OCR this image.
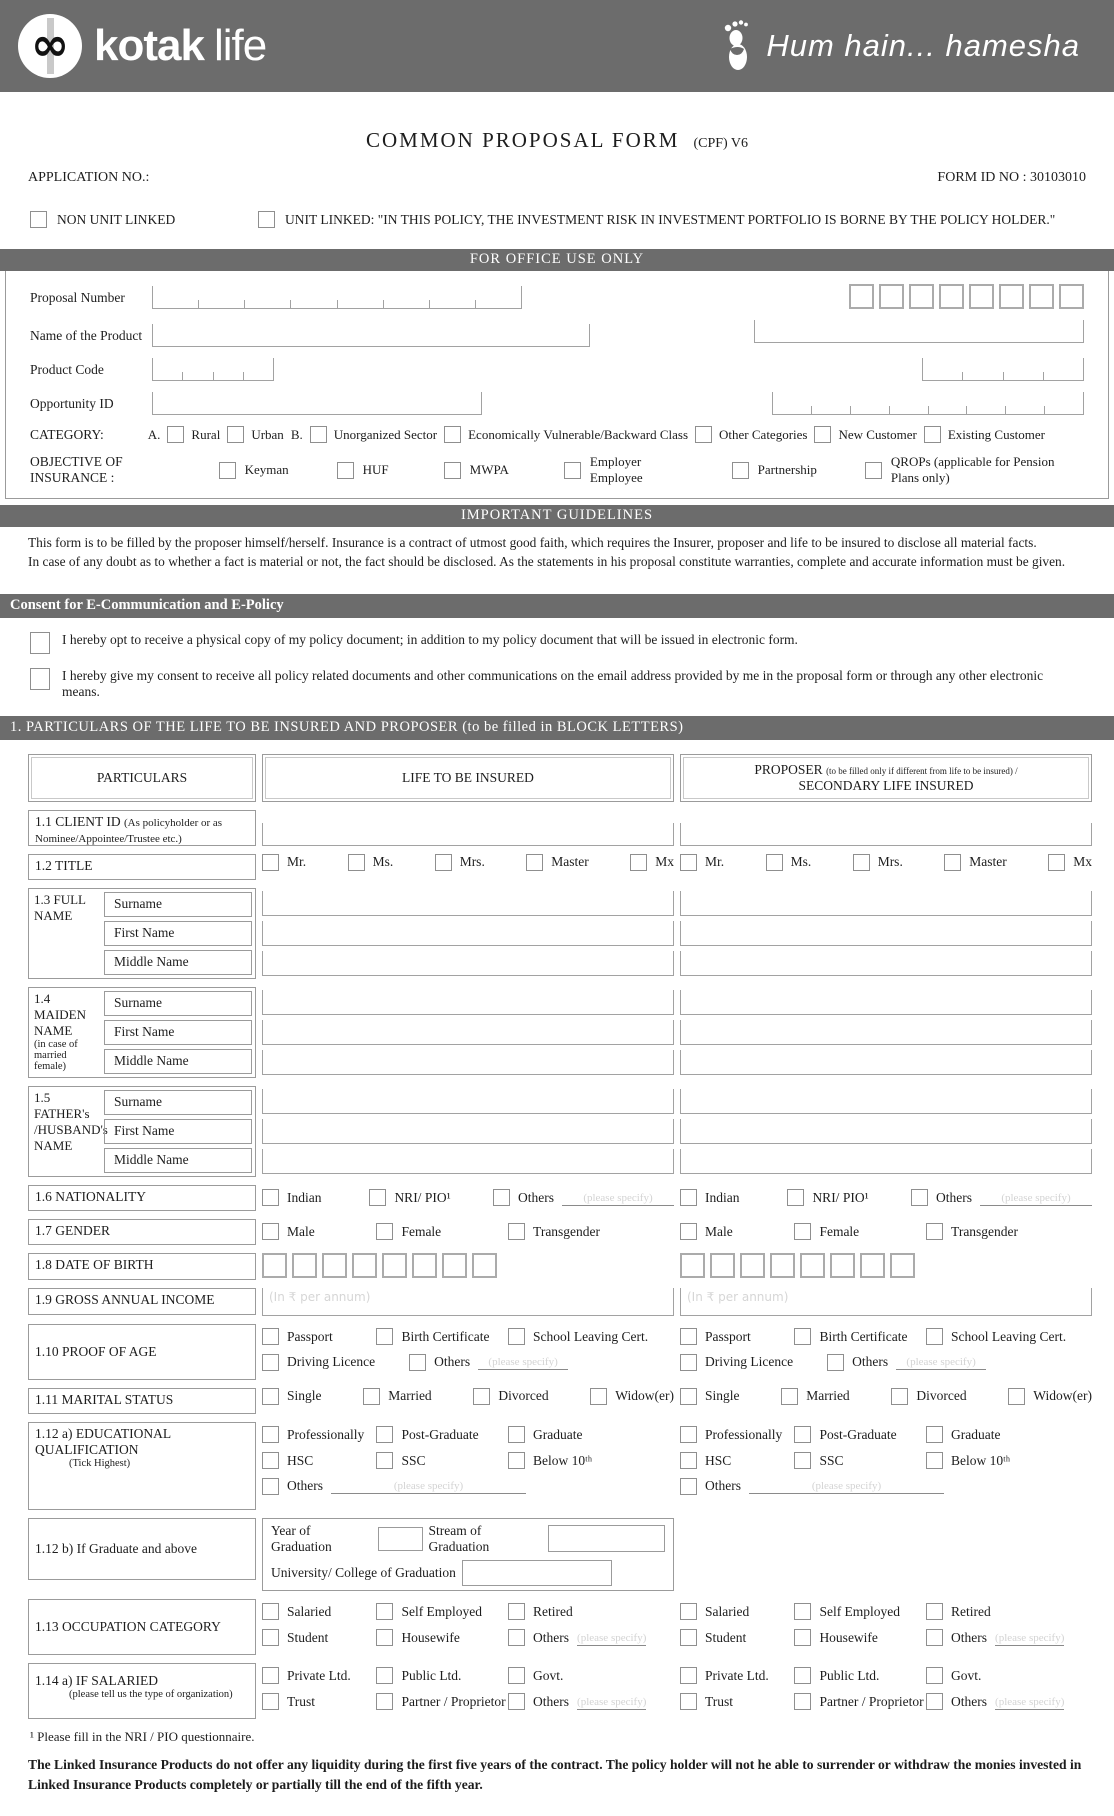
∞ kotak life	Hum hain... hamesha
COMMON PROPOSAL FORM (CPF) V6
APPLICATION NO.:	FORM ID NO : 30103010
NON UNIT LINKED	UNIT LINKED: "IN THIS POLICY, THE INVESTMENT RISK IN INVESTMENT PORTFOLIO IS BORNE BY THE POLICY HOLDER."
FOR OFFICE USE ONLY
Proposal Number
Name of the Product
Product Code
Opportunity ID
CATEGORY:	A. Rural Urban B. Unorganized Sector Economically Vulnerable/Backward Class Other Categories New Customer Existing Customer
OBJECTIVE OF INSURANCE :
Keyman	HUF	MWPA
Employer Employee
Partnership
QROPs (applicable for Pension Plans only)
IMPORTANT GUIDELINES
This form is to be filled by the proposer himself/herself. Insurance is a contract of utmost good faith, which requires the Insurer, proposer and life to be insured to disclose all material facts.
In case of any doubt as to whether a fact is material or not, the fact should be disclosed. As the statements in his proposal constitute warranties, complete and accurate information must be given.
Consent for E-Communication and E-Policy
I hereby opt to receive a physical copy of my policy document; in addition to my policy document that will be issued in electronic form.
I hereby give my consent to receive all policy related documents and other communications on the email address provided by me in the proposal form or through any other electronic means.
1. PARTICULARS OF THE LIFE TO BE INSURED AND PROPOSER (to be filled in BLOCK LETTERS)
PARTICULARS	LIFE TO BE INSURED
PROPOSER (to be filled only if different from life to be insured) /
SECONDARY LIFE INSURED
1.1 CLIENT ID (As policyholder or as Nominee/Appointee/Trustee etc.)
1.2 TITLE	Mr.	Ms.	Mrs.	Master	Mx Mr.	Ms.	Mrs.	Master	Mx
1.3 FULL NAME
Surname
First Name
Middle Name
1.4 MAIDEN NAME
(in case of married female)
Surname
First Name
Middle Name
1.5 FATHER's /HUSBAND's NAME
Surname
First Name
Middle Name
1.6 NATIONALITY	Indian	NRI/ PIO¹	Others	(please specify)	Indian	NRI/ PIO¹	Others	(please specify)
1.7 GENDER	Male	Female	Transgender	Male	Female	Transgender
1.8 DATE OF BIRTH
1.9 GROSS ANNUAL INCOME	(In ₹ per annum)	(In ₹ per annum)
1.10 PROOF OF AGE
Passport	Birth Certificate	School Leaving Cert.
Driving Licence	Others	(please specify)
Passport	Birth Certificate	School Leaving Cert.
Driving Licence	Others	(please specify)
1.11 MARITAL STATUS	Single	Married	Divorced	Widow(er) Single	Married	Divorced	Widow(er)
1.12 a) EDUCATIONAL QUALIFICATION
(Tick Highest)
Professionally	Post-Graduate	Graduate
HSC	SSC	Below 10ᵗʰ
Others	(please specify)
Professionally	Post-Graduate	Graduate
HSC	SSC	Below 10ᵗʰ
Others	(please specify)
1.12 b) If Graduate and above
Year of Graduation
Stream of Graduation
University/ College of Graduation
1.13 OCCUPATION CATEGORY
Salaried	Self Employed	Retired
Student	Housewife	Others (please specify)
Salaried	Self Employed	Retired
Student	Housewife	Others (please specify)
1.14 a) IF SALARIED
(please tell us the type of organization)
Private Ltd.	Public Ltd.	Govt.
Trust	Partner / Proprietor Others (please specify)
Private Ltd.	Public Ltd.	Govt.
Trust	Partner / Proprietor Others (please specify)
¹ Please fill in the NRI / PIO questionnaire.
The Linked Insurance Products do not offer any liquidity during the first five years of the contract. The policy holder will not he able to surrender or withdraw the monies invested in Linked Insurance Products completely or partially till the end of the fifth year.
